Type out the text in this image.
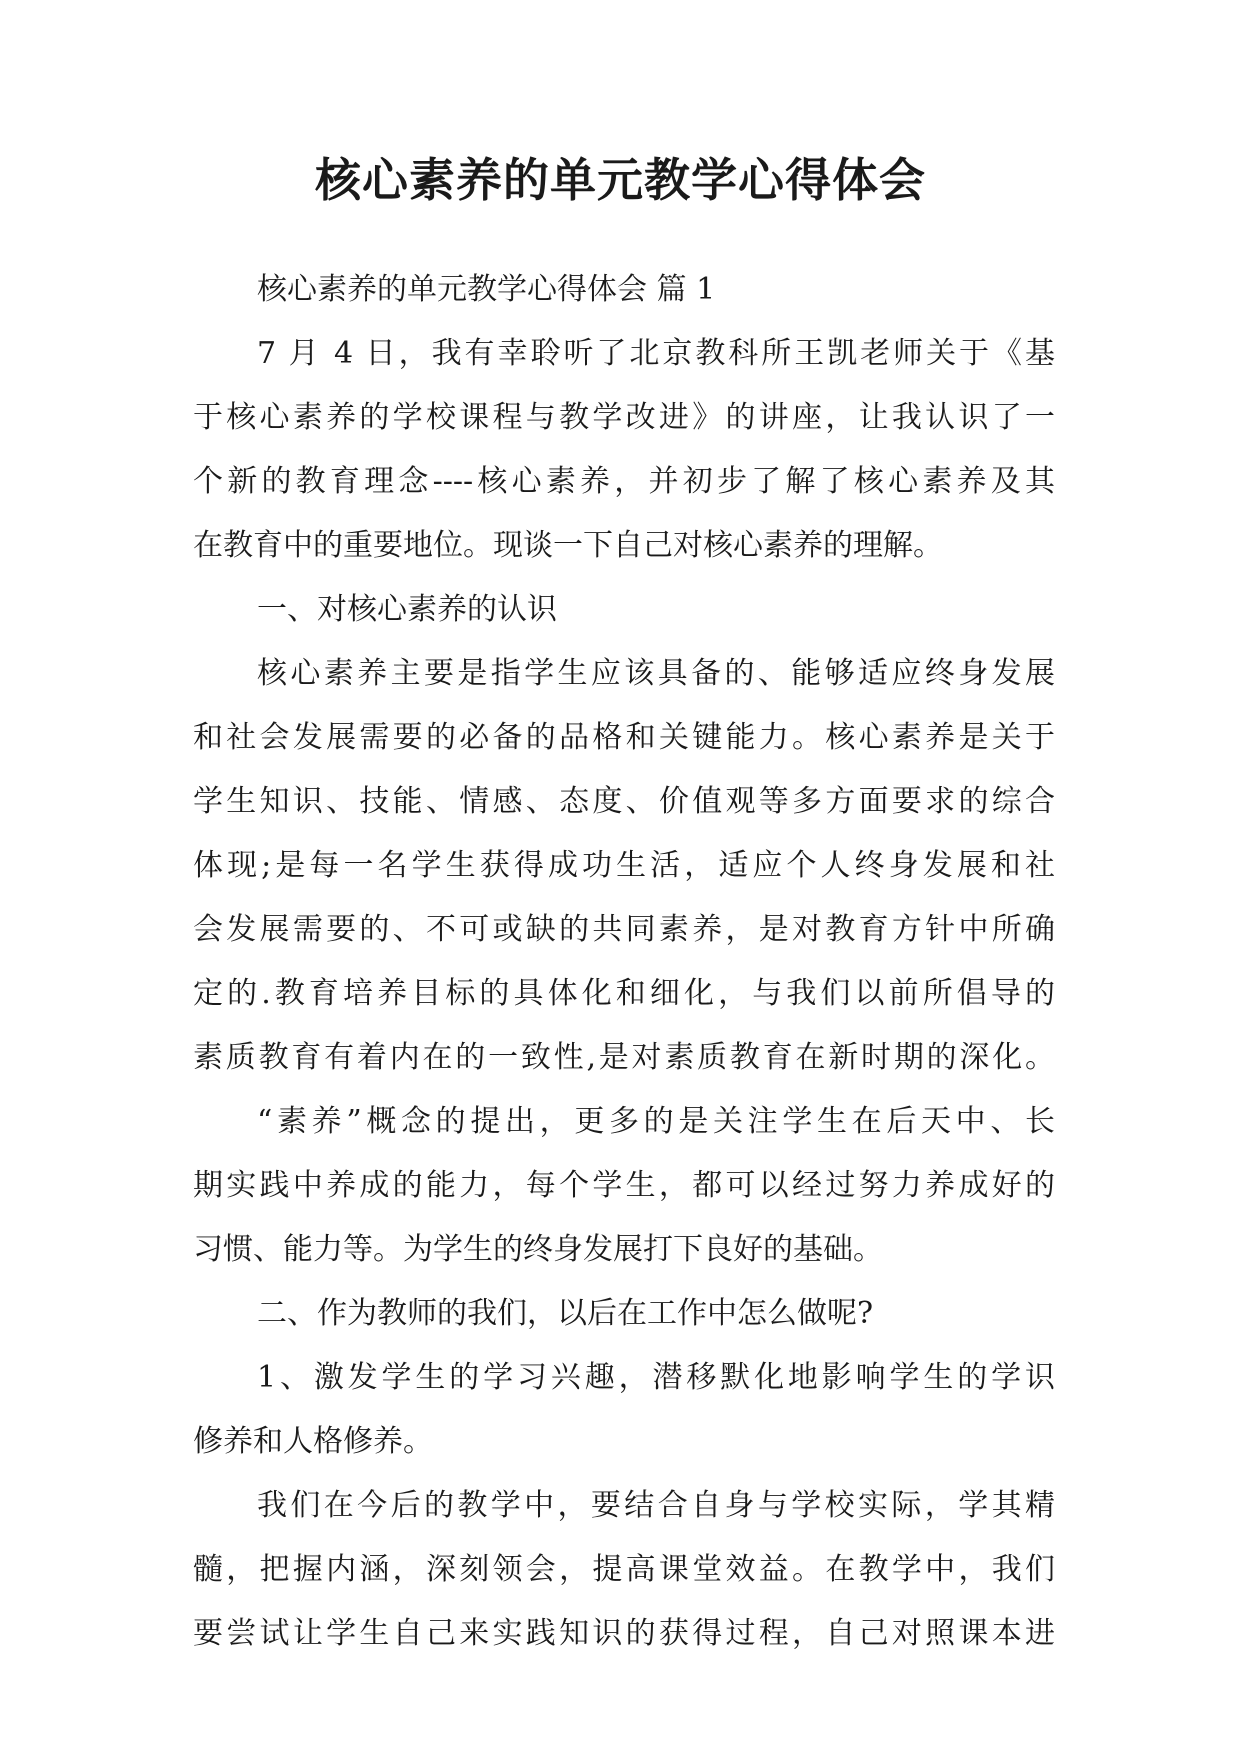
核心素养的单元教学心得体会
核心素养的单元教学心得体会 篇 1
7 月 4 日，我有幸聆听了北京教科所王凯老师关于《基
于核心素养的学校课程与教学改进》的讲座，让我认识了一
个新的教育理念----核心素养，并初步了解了核心素养及其
在教育中的重要地位。现谈一下自己对核心素养的理解。
一、对核心素养的认识
核心素养主要是指学生应该具备的、能够适应终身发展
和社会发展需要的必备的品格和关键能力。核心素养是关于
学生知识、技能、情感、态度、价值观等多方面要求的综合
体现;是每一名学生获得成功生活，适应个人终身发展和社
会发展需要的、不可或缺的共同素养，是对教育方针中所确
定的.教育培养目标的具体化和细化，与我们以前所倡导的
素质教育有着内在的一致性,是对素质教育在新时期的深化。
“素养”概念的提出，更多的是关注学生在后天中、长
期实践中养成的能力，每个学生，都可以经过努力养成好的
习惯、能力等。为学生的终身发展打下良好的基础。
二、作为教师的我们，以后在工作中怎么做呢?
1、激发学生的学习兴趣，潜移默化地影响学生的学识
修养和人格修养。
我们在今后的教学中，要结合自身与学校实际，学其精
髓，把握内涵，深刻领会，提高课堂效益。在教学中，我们
要尝试让学生自己来实践知识的获得过程，自己对照课本进
